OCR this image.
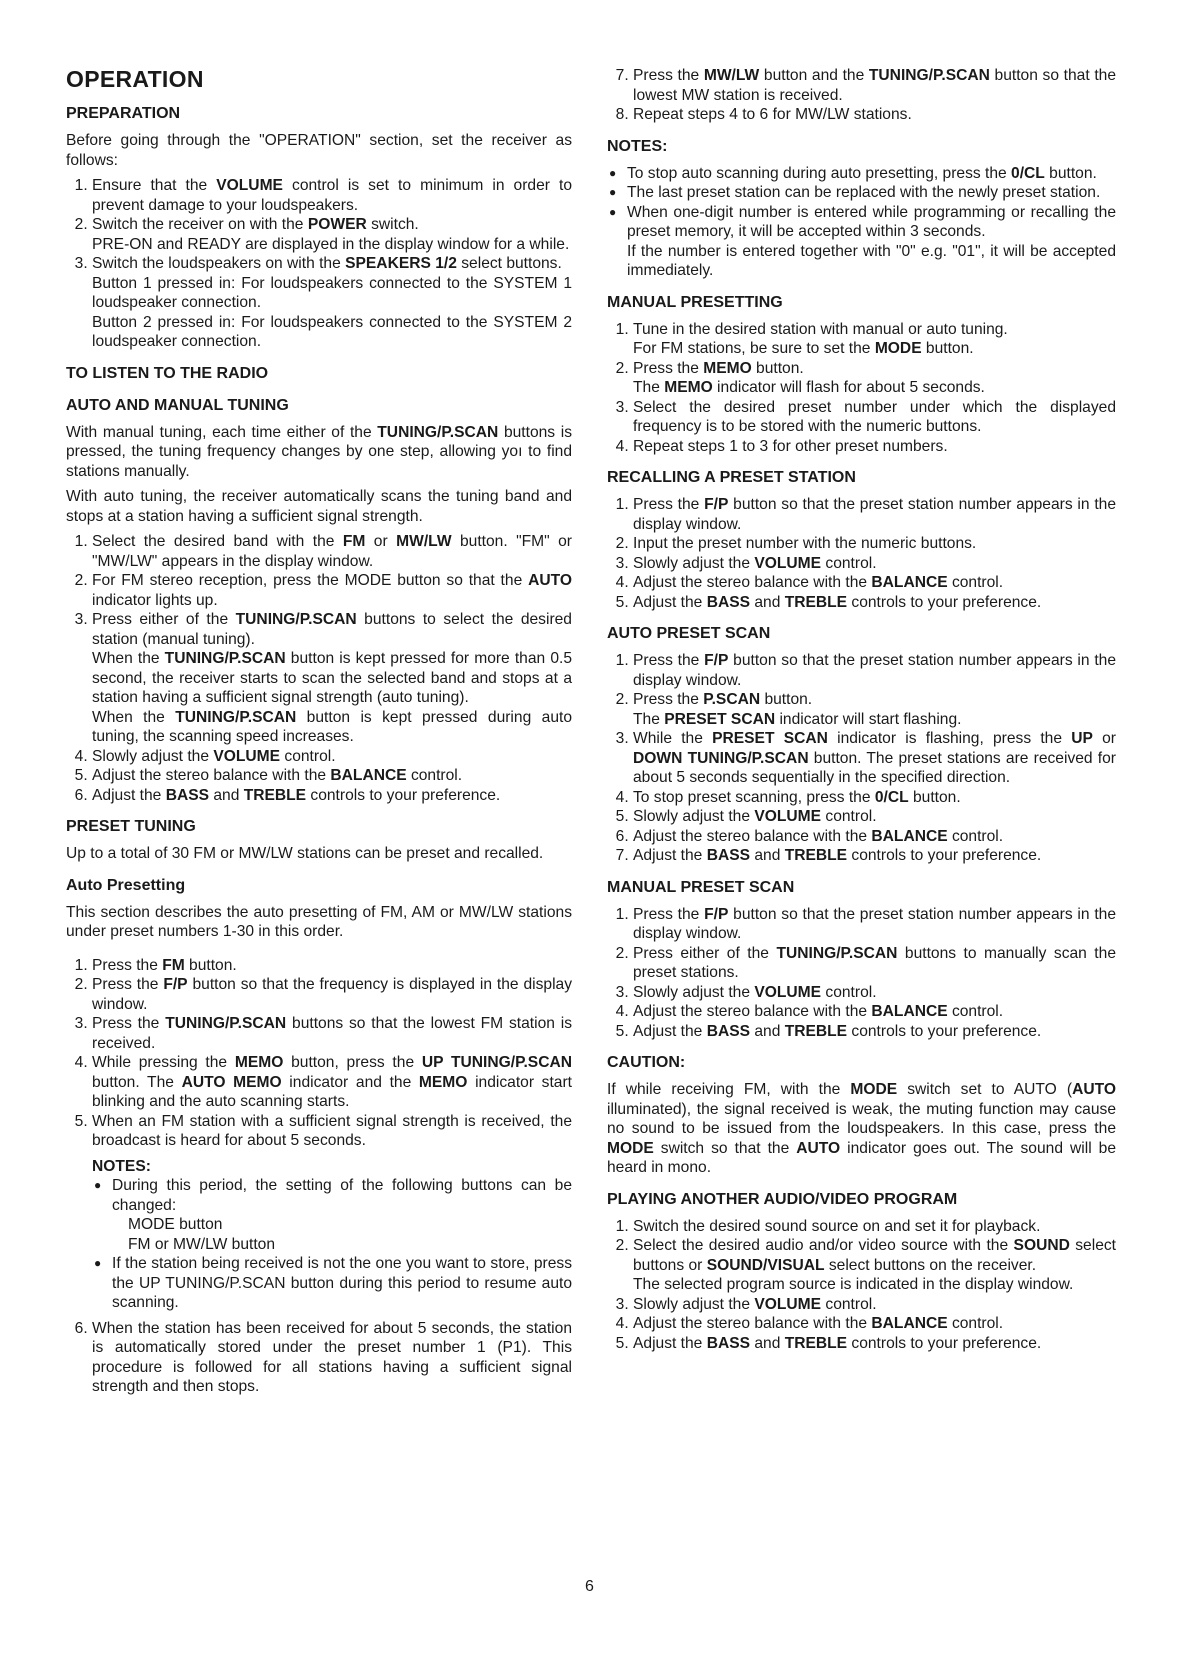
OPERATION
PREPARATION
Before going through the "OPERATION" section, set the receiver as follows:
1. Ensure that the VOLUME control is set to minimum in order to prevent damage to your loudspeakers.
2. Switch the receiver on with the POWER switch.
PRE-ON and READY are displayed in the display window for a while.
3. Switch the loudspeakers on with the SPEAKERS 1/2 select buttons.
Button 1 pressed in: For loudspeakers connected to the SYSTEM 1 loudspeaker connection.
Button 2 pressed in: For loudspeakers connected to the SYSTEM 2 loudspeaker connection.
TO LISTEN TO THE RADIO
AUTO AND MANUAL TUNING
With manual tuning, each time either of the TUNING/P.SCAN buttons is pressed, the tuning frequency changes by one step, allowing yoı to find stations manually.
With auto tuning, the receiver automatically scans the tuning band and stops at a station having a sufficient signal strength.
1. Select the desired band with the FM or MW/LW button. "FM" or "MW/LW" appears in the display window.
2. For FM stereo reception, press the MODE button so that the AUTO indicator lights up.
3. Press either of the TUNING/P.SCAN buttons to select the desired station (manual tuning).
When the TUNING/P.SCAN button is kept pressed for more than 0.5 second, the receiver starts to scan the selected band and stops at a station having a sufficient signal strength (auto tuning).
When the TUNING/P.SCAN button is kept pressed during auto tuning, the scanning speed increases.
4. Slowly adjust the VOLUME control.
5. Adjust the stereo balance with the BALANCE control.
6. Adjust the BASS and TREBLE controls to your preference.
PRESET TUNING
Up to a total of 30 FM or MW/LW stations can be preset and recalled.
Auto Presetting
This section describes the auto presetting of FM, AM or MW/LW stations under preset numbers 1-30 in this order.
1. Press the FM button.
2. Press the F/P button so that the frequency is displayed in the display window.
3. Press the TUNING/P.SCAN buttons so that the lowest FM station is received.
4. While pressing the MEMO button, press the UP TUNING/P.SCAN button. The AUTO MEMO indicator and the MEMO indicator start blinking and the auto scanning starts.
5. When an FM station with a sufficient signal strength is received, the broadcast is heard for about 5 seconds.
NOTES:
● During this period, the setting of the following buttons can be changed:
MODE button
FM or MW/LW button
● If the station being received is not the one you want to store, press the UP TUNING/P.SCAN button during this period to resume auto scanning.
6. When the station has been received for about 5 seconds, the station is automatically stored under the preset number 1 (P1). This procedure is followed for all stations having a sufficient signal strength and then stops.
7. Press the MW/LW button and the TUNING/P.SCAN button so that the lowest MW station is received.
8. Repeat steps 4 to 6 for MW/LW stations.
NOTES:
● To stop auto scanning during auto presetting, press the 0/CL button.
● The last preset station can be replaced with the newly preset station.
● When one-digit number is entered while programming or recalling the preset memory, it will be accepted within 3 seconds.
If the number is entered together with "0" e.g. "01", it will be accepted immediately.
MANUAL PRESETTING
1. Tune in the desired station with manual or auto tuning.
For FM stations, be sure to set the MODE button.
2. Press the MEMO button.
The MEMO indicator will flash for about 5 seconds.
3. Select the desired preset number under which the displayed frequency is to be stored with the numeric buttons.
4. Repeat steps 1 to 3 for other preset numbers.
RECALLING A PRESET STATION
1. Press the F/P button so that the preset station number appears in the display window.
2. Input the preset number with the numeric buttons.
3. Slowly adjust the VOLUME control.
4. Adjust the stereo balance with the BALANCE control.
5. Adjust the BASS and TREBLE controls to your preference.
AUTO PRESET SCAN
1. Press the F/P button so that the preset station number appears in the display window.
2. Press the P.SCAN button.
The PRESET SCAN indicator will start flashing.
3. While the PRESET SCAN indicator is flashing, press the UP or DOWN TUNING/P.SCAN button. The preset stations are received for about 5 seconds sequentially in the specified direction.
4. To stop preset scanning, press the 0/CL button.
5. Slowly adjust the VOLUME control.
6. Adjust the stereo balance with the BALANCE control.
7. Adjust the BASS and TREBLE controls to your preference.
MANUAL PRESET SCAN
1. Press the F/P button so that the preset station number appears in the display window.
2. Press either of the TUNING/P.SCAN buttons to manually scan the preset stations.
3. Slowly adjust the VOLUME control.
4. Adjust the stereo balance with the BALANCE control.
5. Adjust the BASS and TREBLE controls to your preference.
CAUTION:
If while receiving FM, with the MODE switch set to AUTO (AUTO illuminated), the signal received is weak, the muting function may cause no sound to be issued from the loudspeakers. In this case, press the MODE switch so that the AUTO indicator goes out. The sound will be heard in mono.
PLAYING ANOTHER AUDIO/VIDEO PROGRAM
1. Switch the desired sound source on and set it for playback.
2. Select the desired audio and/or video source with the SOUND select buttons or SOUND/VISUAL select buttons on the receiver.
The selected program source is indicated in the display window.
3. Slowly adjust the VOLUME control.
4. Adjust the stereo balance with the BALANCE control.
5. Adjust the BASS and TREBLE controls to your preference.
6
